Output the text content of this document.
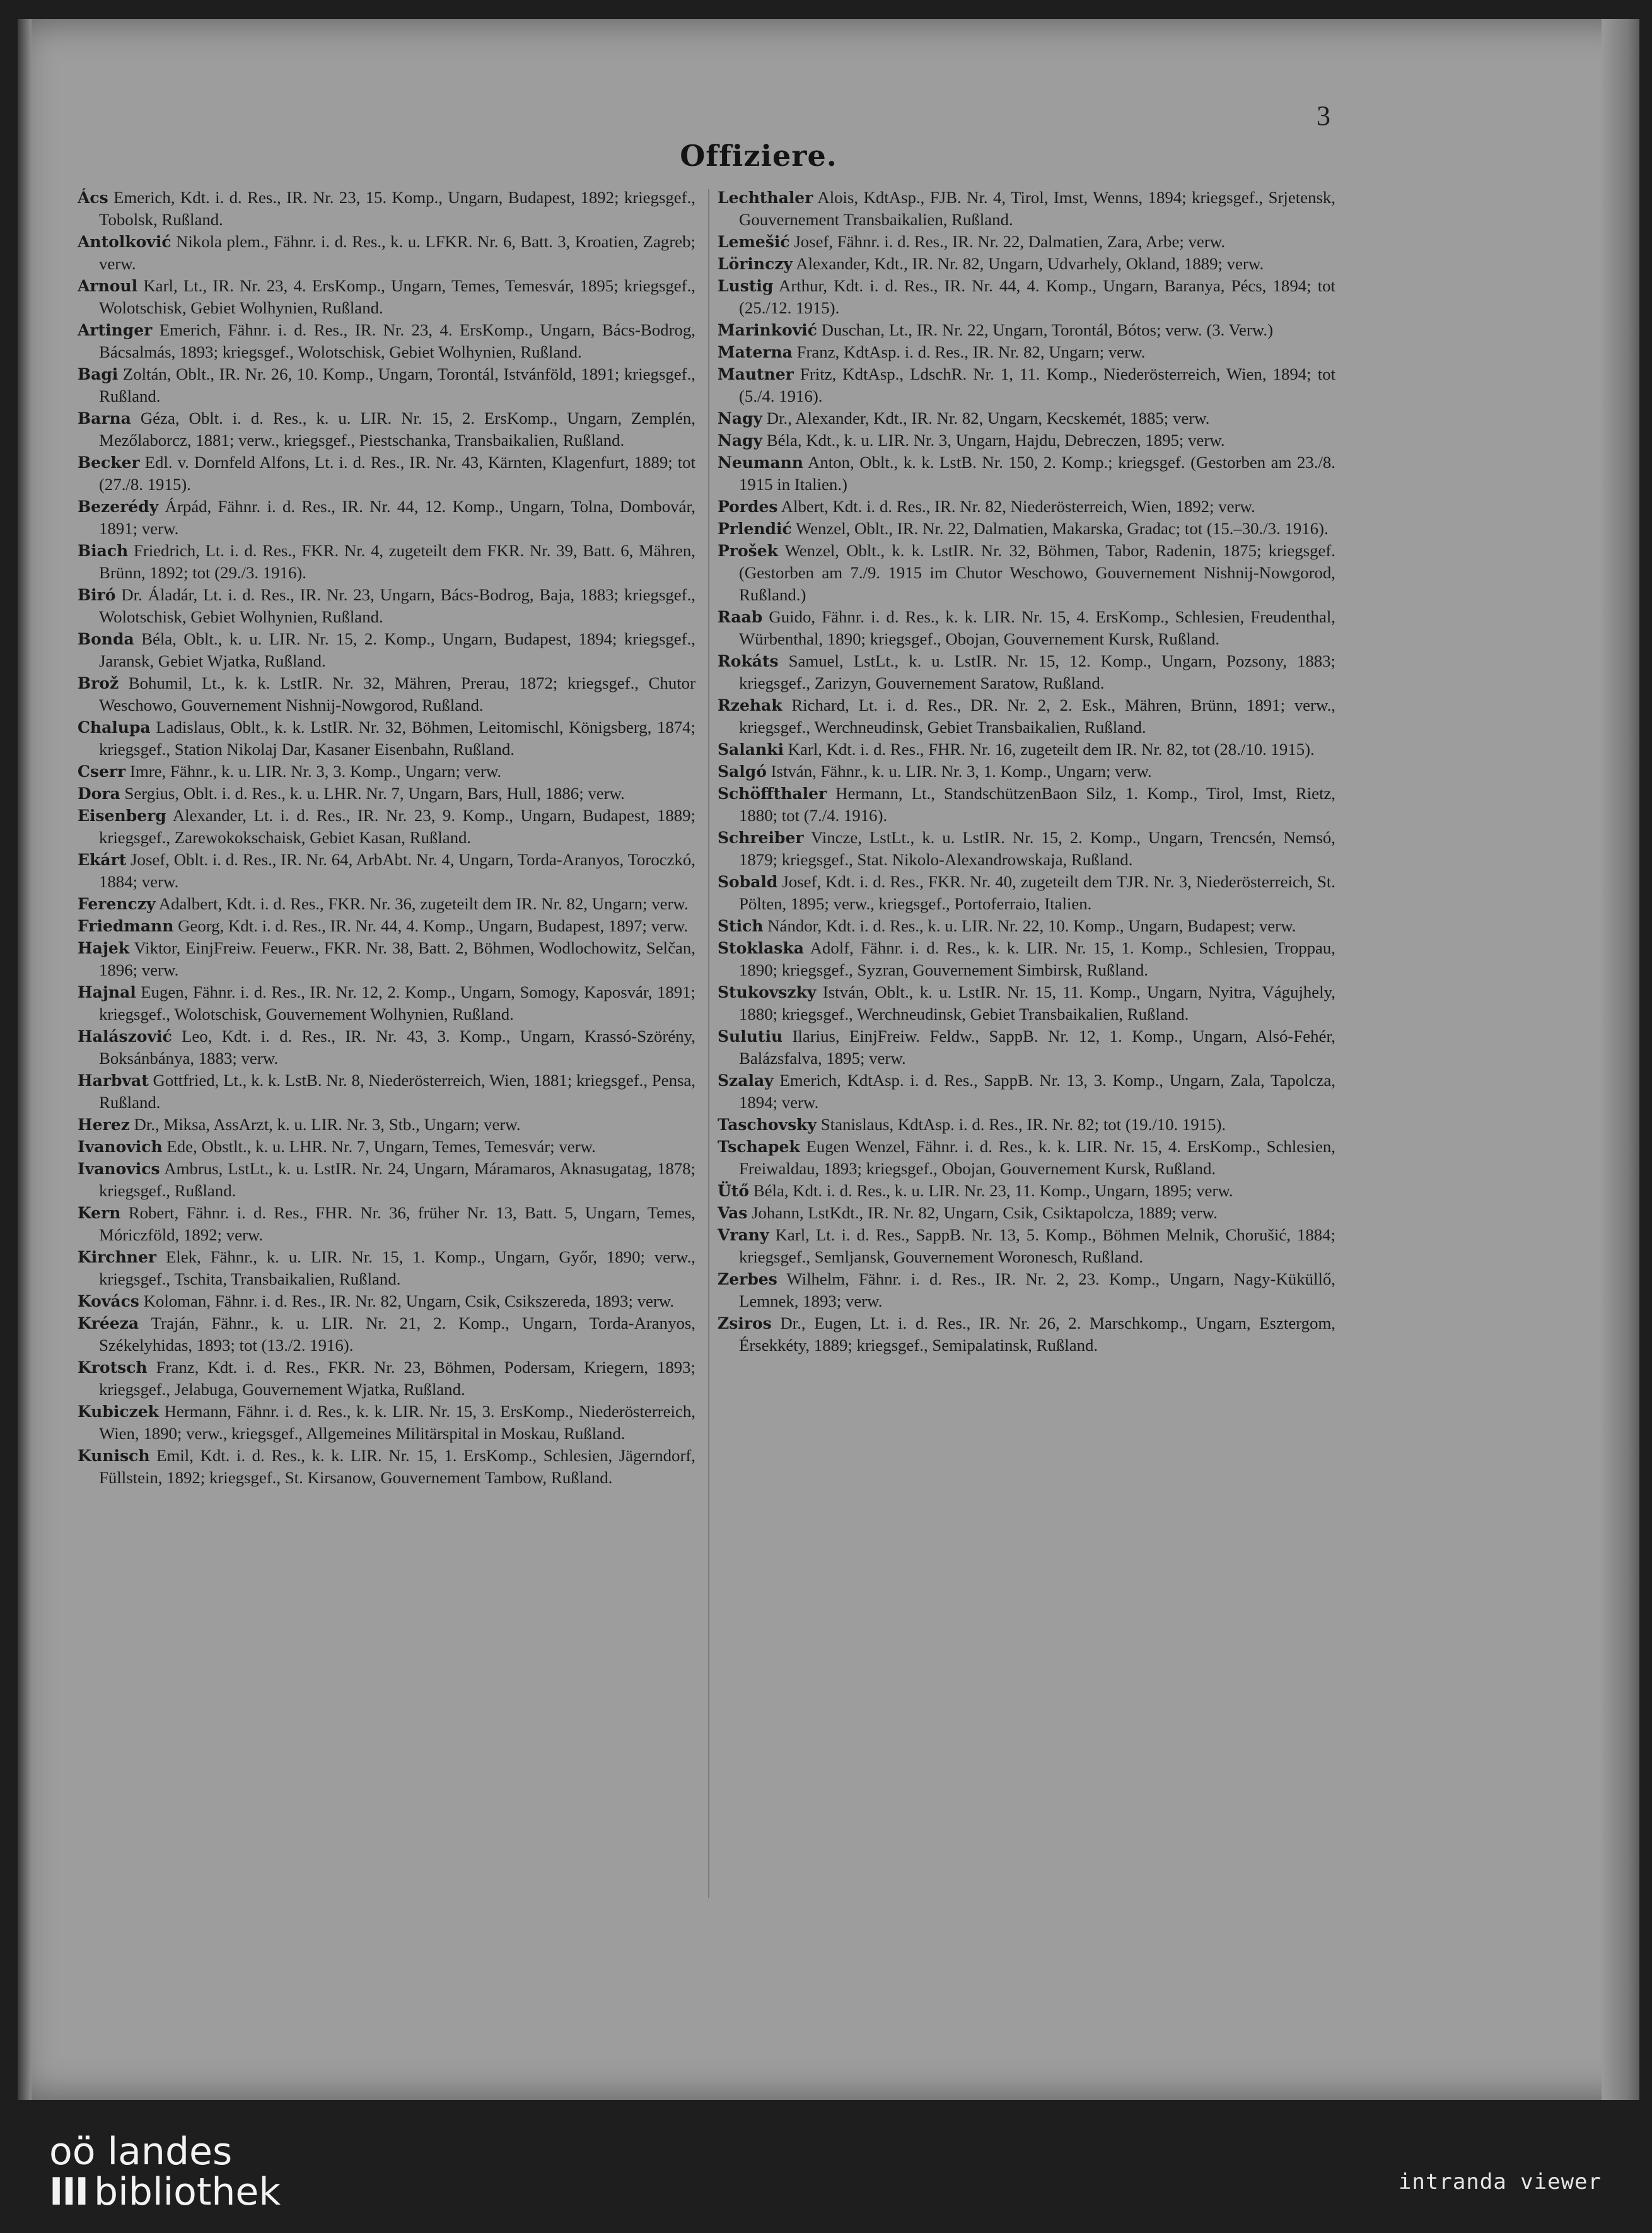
3
Offiziere.

Ács Emerich, Kdt. i. d. Res., IR. Nr. 23, 15. Komp., Ungarn, Budapest, 1892; kriegsgef., Tobolsk, Rußland.

Antolković Nikola plem., Fähnr. i. d. Res., k. u. LFKR. Nr. 6, Batt. 3, Kroatien, Zagreb; verw.

Arnoul Karl, Lt., IR. Nr. 23, 4. ErsKomp., Ungarn, Temes, Temesvár, 1895; kriegsgef., Wolotschisk, Gebiet Wolhynien, Rußland.

Artinger Emerich, Fähnr. i. d. Res., IR. Nr. 23, 4. ErsKomp., Ungarn, Bács-Bodrog, Bácsalmás, 1893; kriegsgef., Wolotschisk, Gebiet Wolhynien, Rußland.

Bagi Zoltán, Oblt., IR. Nr. 26, 10. Komp., Ungarn, Torontál, Istvánföld, 1891; kriegsgef., Rußland.

Barna Géza, Oblt. i. d. Res., k. u. LIR. Nr. 15, 2. ErsKomp., Ungarn, Zemplén, Mezőlaborcz, 1881; verw., kriegsgef., Piestschanka, Transbaikalien, Rußland.

Becker Edl. v. Dornfeld Alfons, Lt. i. d. Res., IR. Nr. 43, Kärnten, Klagenfurt, 1889; tot (27./8. 1915).

Bezerédy Árpád, Fähnr. i. d. Res., IR. Nr. 44, 12. Komp., Ungarn, Tolna, Dombovár, 1891; verw.

Biach Friedrich, Lt. i. d. Res., FKR. Nr. 4, zugeteilt dem FKR. Nr. 39, Batt. 6, Mähren, Brünn, 1892; tot (29./3. 1916).

Biró Dr. Áladár, Lt. i. d. Res., IR. Nr. 23, Ungarn, Bács-Bodrog, Baja, 1883; kriegsgef., Wolotschisk, Gebiet Wolhynien, Rußland.

Bonda Béla, Oblt., k. u. LIR. Nr. 15, 2. Komp., Ungarn, Budapest, 1894; kriegsgef., Jaransk, Gebiet Wjatka, Rußland.

Brož Bohumil, Lt., k. k. LstIR. Nr. 32, Mähren, Prerau, 1872; kriegsgef., Chutor Weschowo, Gouvernement Nishnij-Nowgorod, Rußland.

Chalupa Ladislaus, Oblt., k. k. LstIR. Nr. 32, Böhmen, Leitomischl, Königsberg, 1874; kriegsgef., Station Nikolaj Dar, Kasaner Eisenbahn, Rußland.

Cserr Imre, Fähnr., k. u. LIR. Nr. 3, 3. Komp., Ungarn; verw.

Dora Sergius, Oblt. i. d. Res., k. u. LHR. Nr. 7, Ungarn, Bars, Hull, 1886; verw.

Eisenberg Alexander, Lt. i. d. Res., IR. Nr. 23, 9. Komp., Ungarn, Budapest, 1889; kriegsgef., Zarewokokschaisk, Gebiet Kasan, Rußland.

Ekárt Josef, Oblt. i. d. Res., IR. Nr. 64, ArbAbt. Nr. 4, Ungarn, Torda-Aranyos, Toroczkó, 1884; verw.

Ferenczy Adalbert, Kdt. i. d. Res., FKR. Nr. 36, zugeteilt dem IR. Nr. 82, Ungarn; verw.

Friedmann Georg, Kdt. i. d. Res., IR. Nr. 44, 4. Komp., Ungarn, Budapest, 1897; verw.

Hajek Viktor, EinjFreiw. Feuerw., FKR. Nr. 38, Batt. 2, Böhmen, Wodlochowitz, Selčan, 1896; verw.

Hajnal Eugen, Fähnr. i. d. Res., IR. Nr. 12, 2. Komp., Ungarn, Somogy, Kaposvár, 1891; kriegsgef., Wolotschisk, Gouvernement Wolhynien, Rußland.

Halászović Leo, Kdt. i. d. Res., IR. Nr. 43, 3. Komp., Ungarn, Krassó-Szörény, Boksánbánya, 1883; verw.

Harbvat Gottfried, Lt., k. k. LstB. Nr. 8, Niederösterreich, Wien, 1881; kriegsgef., Pensa, Rußland.

Herez Dr., Miksa, AssArzt, k. u. LIR. Nr. 3, Stb., Ungarn; verw.

Ivanovich Ede, Obstlt., k. u. LHR. Nr. 7, Ungarn, Temes, Temesvár; verw.

Ivanovics Ambrus, LstLt., k. u. LstIR. Nr. 24, Ungarn, Máramaros, Aknasugatag, 1878; kriegsgef., Rußland.

Kern Robert, Fähnr. i. d. Res., FHR. Nr. 36, früher Nr. 13, Batt. 5, Ungarn, Temes, Móriczföld, 1892; verw.

Kirchner Elek, Fähnr., k. u. LIR. Nr. 15, 1. Komp., Ungarn, Győr, 1890; verw., kriegsgef., Tschita, Transbaikalien, Rußland.

Kovács Koloman, Fähnr. i. d. Res., IR. Nr. 82, Ungarn, Csik, Csikszereda, 1893; verw.

Kréeza Traján, Fähnr., k. u. LIR. Nr. 21, 2. Komp., Ungarn, Torda-Aranyos, Székelyhidas, 1893; tot (13./2. 1916).

Krotsch Franz, Kdt. i. d. Res., FKR. Nr. 23, Böhmen, Podersam, Kriegern, 1893; kriegsgef., Jelabuga, Gouvernement Wjatka, Rußland.

Kubiczek Hermann, Fähnr. i. d. Res., k. k. LIR. Nr. 15, 3. ErsKomp., Niederösterreich, Wien, 1890; verw., kriegsgef., Allgemeines Militärspital in Moskau, Rußland.

Kunisch Emil, Kdt. i. d. Res., k. k. LIR. Nr. 15, 1. ErsKomp., Schlesien, Jägerndorf, Füllstein, 1892; kriegsgef., St. Kirsanow, Gouvernement Tambow, Rußland.

Lechthaler Alois, KdtAsp., FJB. Nr. 4, Tirol, Imst, Wenns, 1894; kriegsgef., Srjetensk, Gouvernement Transbaikalien, Rußland.

Lemešić Josef, Fähnr. i. d. Res., IR. Nr. 22, Dalmatien, Zara, Arbe; verw.

Lörinczy Alexander, Kdt., IR. Nr. 82, Ungarn, Udvarhely, Okland, 1889; verw.

Lustig Arthur, Kdt. i. d. Res., IR. Nr. 44, 4. Komp., Ungarn, Baranya, Pécs, 1894; tot (25./12. 1915).

Marinković Duschan, Lt., IR. Nr. 22, Ungarn, Torontál, Bótos; verw. (3. Verw.)

Materna Franz, KdtAsp. i. d. Res., IR. Nr. 82, Ungarn; verw.

Mautner Fritz, KdtAsp., LdschR. Nr. 1, 11. Komp., Niederösterreich, Wien, 1894; tot (5./4. 1916).

Nagy Dr., Alexander, Kdt., IR. Nr. 82, Ungarn, Kecskemét, 1885; verw.

Nagy Béla, Kdt., k. u. LIR. Nr. 3, Ungarn, Hajdu, Debreczen, 1895; verw.

Neumann Anton, Oblt., k. k. LstB. Nr. 150, 2. Komp.; kriegsgef. (Gestorben am 23./8. 1915 in Italien.)

Pordes Albert, Kdt. i. d. Res., IR. Nr. 82, Niederösterreich, Wien, 1892; verw.

Prlendić Wenzel, Oblt., IR. Nr. 22, Dalmatien, Makarska, Gradac; tot (15.–30./3. 1916).

Prošek Wenzel, Oblt., k. k. LstIR. Nr. 32, Böhmen, Tabor, Radenin, 1875; kriegsgef. (Gestorben am 7./9. 1915 im Chutor Weschowo, Gouvernement Nishnij-Nowgorod, Rußland.)

Raab Guido, Fähnr. i. d. Res., k. k. LIR. Nr. 15, 4. ErsKomp., Schlesien, Freudenthal, Würbenthal, 1890; kriegsgef., Obojan, Gouvernement Kursk, Rußland.

Rokáts Samuel, LstLt., k. u. LstIR. Nr. 15, 12. Komp., Ungarn, Pozsony, 1883; kriegsgef., Zarizyn, Gouvernement Saratow, Rußland.

Rzehak Richard, Lt. i. d. Res., DR. Nr. 2, 2. Esk., Mähren, Brünn, 1891; verw., kriegsgef., Werchneudinsk, Gebiet Transbaikalien, Rußland.

Salanki Karl, Kdt. i. d. Res., FHR. Nr. 16, zugeteilt dem IR. Nr. 82, tot (28./10. 1915).

Salgó István, Fähnr., k. u. LIR. Nr. 3, 1. Komp., Ungarn; verw.

Schöffthaler Hermann, Lt., StandschützenBaon Silz, 1. Komp., Tirol, Imst, Rietz, 1880; tot (7./4. 1916).

Schreiber Vincze, LstLt., k. u. LstIR. Nr. 15, 2. Komp., Ungarn, Trencsén, Nemsó, 1879; kriegsgef., Stat. Nikolo-Alexandrowskaja, Rußland.

Sobald Josef, Kdt. i. d. Res., FKR. Nr. 40, zugeteilt dem TJR. Nr. 3, Niederösterreich, St. Pölten, 1895; verw., kriegsgef., Portoferraio, Italien.

Stich Nándor, Kdt. i. d. Res., k. u. LIR. Nr. 22, 10. Komp., Ungarn, Budapest; verw.

Stoklaska Adolf, Fähnr. i. d. Res., k. k. LIR. Nr. 15, 1. Komp., Schlesien, Troppau, 1890; kriegsgef., Syzran, Gouvernement Simbirsk, Rußland.

Stukovszky István, Oblt., k. u. LstIR. Nr. 15, 11. Komp., Ungarn, Nyitra, Vágujhely, 1880; kriegsgef., Werchneudinsk, Gebiet Transbaikalien, Rußland.

Sulutiu Ilarius, EinjFreiw. Feldw., SappB. Nr. 12, 1. Komp., Ungarn, Alsó-Fehér, Balázsfalva, 1895; verw.

Szalay Emerich, KdtAsp. i. d. Res., SappB. Nr. 13, 3. Komp., Ungarn, Zala, Tapolcza, 1894; verw.

Taschovsky Stanislaus, KdtAsp. i. d. Res., IR. Nr. 82; tot (19./10. 1915).

Tschapek Eugen Wenzel, Fähnr. i. d. Res., k. k. LIR. Nr. 15, 4. ErsKomp., Schlesien, Freiwaldau, 1893; kriegsgef., Obojan, Gouvernement Kursk, Rußland.

Ütő Béla, Kdt. i. d. Res., k. u. LIR. Nr. 23, 11. Komp., Ungarn, 1895; verw.

Vas Johann, LstKdt., IR. Nr. 82, Ungarn, Csik, Csiktapolcza, 1889; verw.

Vrany Karl, Lt. i. d. Res., SappB. Nr. 13, 5. Komp., Böhmen Melnik, Chorušić, 1884; kriegsgef., Semljansk, Gouvernement Woronesch, Rußland.

Zerbes Wilhelm, Fähnr. i. d. Res., IR. Nr. 2, 23. Komp., Ungarn, Nagy-Küküllő, Lemnek, 1893; verw.

Zsiros Dr., Eugen, Lt. i. d. Res., IR. Nr. 26, 2. Marschkomp., Ungarn, Esztergom, Érsekkéty, 1889; kriegsgef., Semipalatinsk, Rußland.

oö landes
III bibliothek	intranda viewer
